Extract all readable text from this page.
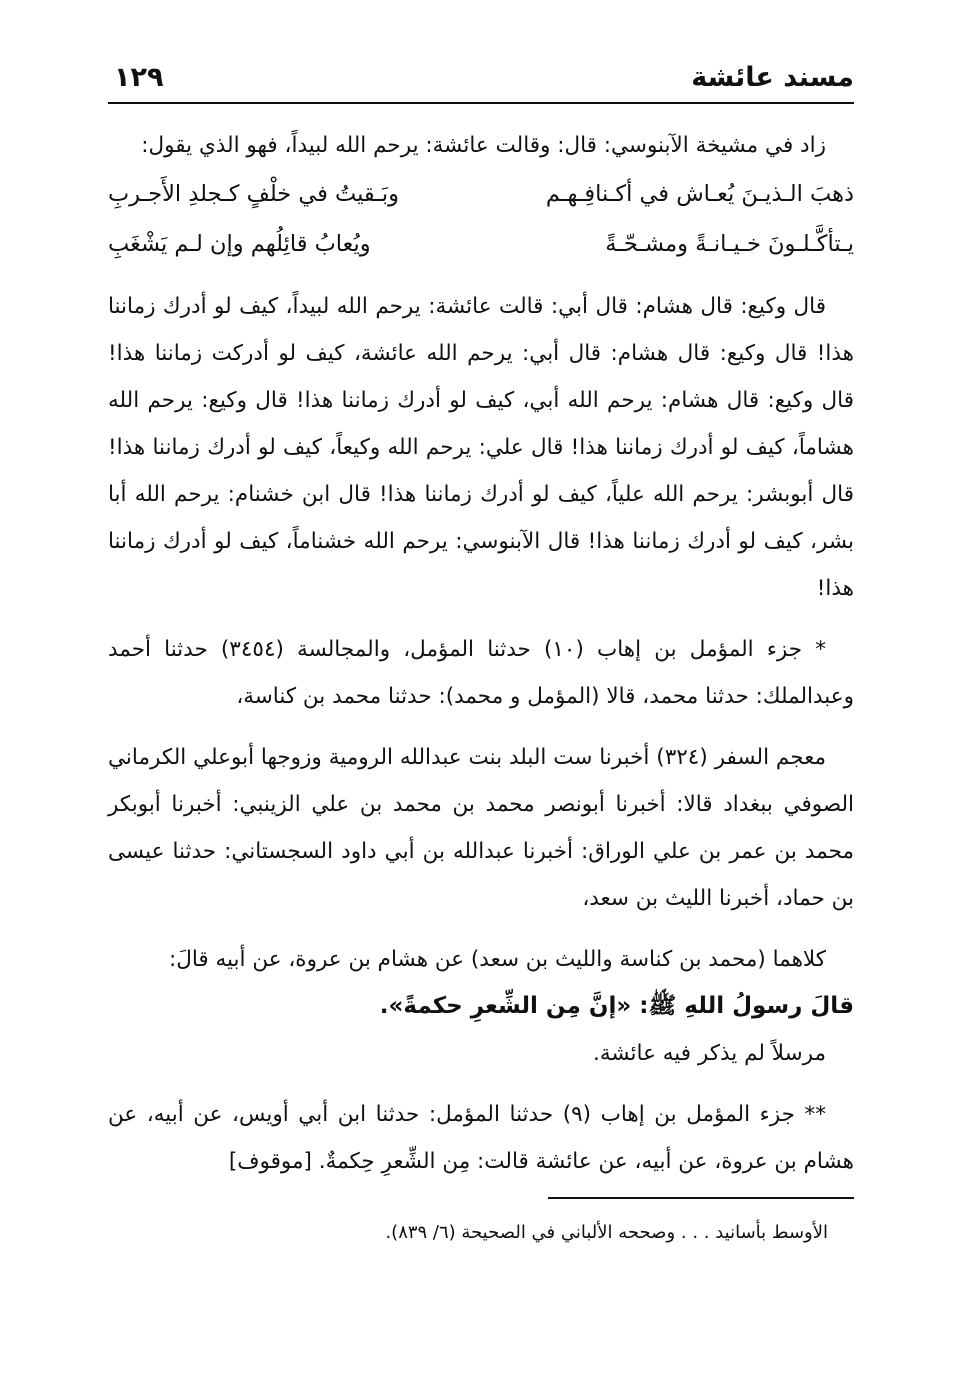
١٢٩	مسند عائشة

زاد في مشيخة الآبنوسي: قال: وقالت عائشة: يرحم الله لبيداً، فهو الذي يقول:

ذهبَ الـذيـنَ يُعـاش في أكـنافِـهـم
وبَـقيتُ في خلْفٍ كـجلدِ الأَجـربِ
يـتأكَّـلـونَ خـيـانـةً ومشـحّـةً
ويُعابُ قائِلُهم وإن لـم يَشْغَبِ

قال وكيع: قال هشام: قال أبي: قالت عائشة: يرحم الله لبيداً، كيف لو أدرك زماننا هذا! قال وكيع: قال هشام: قال أبي: يرحم الله عائشة، كيف لو أدركت زماننا هذا! قال وكيع: قال هشام: يرحم الله أبي، كيف لو أدرك زماننا هذا! قال وكيع: يرحم الله هشاماً، كيف لو أدرك زماننا هذا! قال علي: يرحم الله وكيعاً، كيف لو أدرك زماننا هذا! قال أبوبشر: يرحم الله علياً، كيف لو أدرك زماننا هذا! قال ابن خشنام: يرحم الله أبا بشر، كيف لو أدرك زماننا هذا! قال الآبنوسي: يرحم الله خشناماً، كيف لو أدرك زماننا هذا!

* جزء المؤمل بن إهاب (١٠) حدثنا المؤمل، والمجالسة (٣٤٥٤) حدثنا أحمد وعبدالملك: حدثنا محمد، قالا (المؤمل و محمد): حدثنا محمد بن كناسة،

معجم السفر (٣٢٤) أخبرنا ست البلد بنت عبدالله الرومية وزوجها أبوعلي الكرماني الصوفي ببغداد قالا: أخبرنا أبونصر محمد بن محمد بن علي الزينبي: أخبرنا أبوبكر محمد بن عمر بن علي الوراق: أخبرنا عبدالله بن أبي داود السجستاني: حدثنا عيسى بن حماد، أخبرنا الليث بن سعد،

كلاهما (محمد بن كناسة والليث بن سعد) عن هشام بن عروة، عن أبيه قالَ:

قالَ رسولُ اللهِ ﷺ: «إنَّ مِن الشِّعرِ حكمةً».

مرسلاً لم يذكر فيه عائشة.

** جزء المؤمل بن إهاب (٩) حدثنا المؤمل: حدثنا ابن أبي أويس، عن أبيه، عن هشام بن عروة، عن أبيه، عن عائشة قالت: مِن الشِّعرِ حِكمةٌ. [موقوف]

الأوسط بأسانيد . . . وصححه الألباني في الصحيحة (٦/ ٨٣٩).
